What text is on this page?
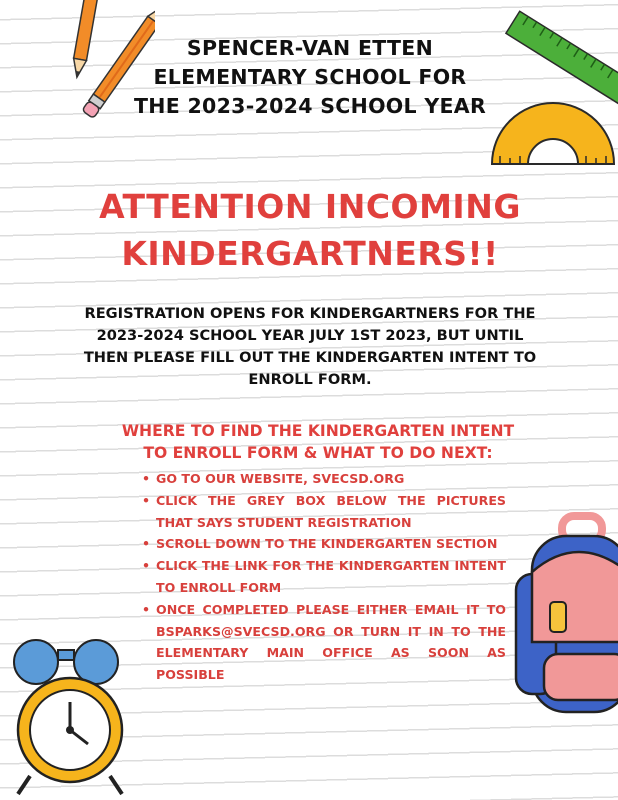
SPENCER-VAN ETTEN ELEMENTARY SCHOOL FOR THE 2023-2024 SCHOOL YEAR
ATTENTION INCOMING KINDERGARTNERS!!

REGISTRATION OPENS FOR KINDERGARTNERS FOR THE 2023-2024 SCHOOL YEAR JULY 1ST 2023, BUT UNTIL THEN PLEASE FILL OUT THE KINDERGARTEN INTENT TO ENROLL FORM.

WHERE TO FIND THE KINDERGARTEN INTENT TO ENROLL FORM & WHAT TO DO NEXT:
• GO TO OUR WEBSITE, SVECSD.ORG
• CLICK THE GREY BOX BELOW THE PICTURES THAT SAYS STUDENT REGISTRATION
• SCROLL DOWN TO THE KINDERGARTEN SECTION
• CLICK THE LINK FOR THE KINDERGARTEN INTENT TO ENROLL FORM
• ONCE COMPLETED PLEASE EITHER EMAIL IT TO BSPARKS@SVECSD.ORG OR TURN IT IN TO THE ELEMENTARY MAIN OFFICE AS SOON AS POSSIBLE
